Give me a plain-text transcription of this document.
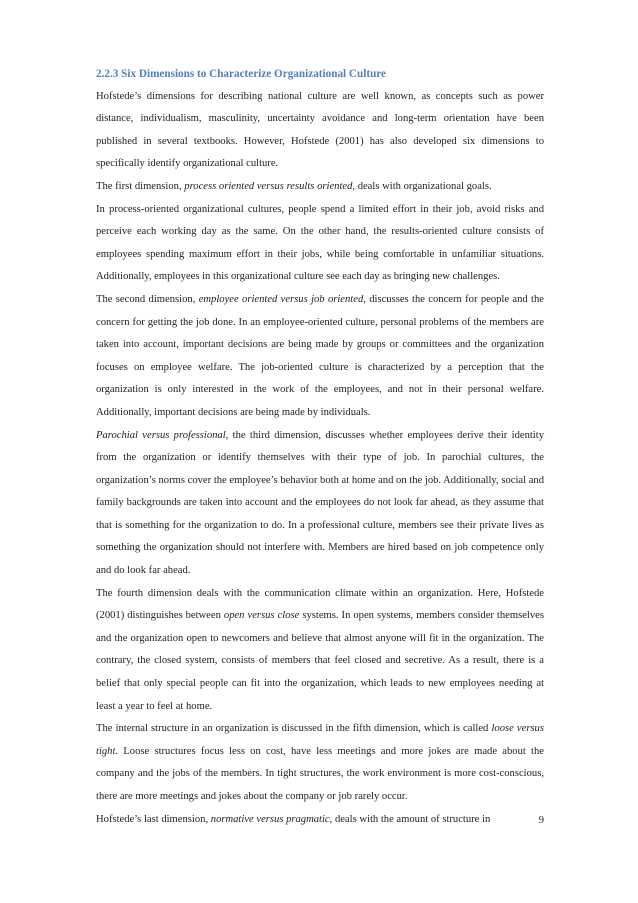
2.2.3 Six Dimensions to Characterize Organizational Culture

Hofstede’s dimensions for describing national culture are well known, as concepts such as power distance, individualism, masculinity, uncertainty avoidance and long-term orientation have been published in several textbooks. However, Hofstede (2001) has also developed six dimensions to specifically identify organizational culture.

The first dimension, process oriented versus results oriented, deals with organizational goals.

In process-oriented organizational cultures, people spend a limited effort in their job, avoid risks and perceive each working day as the same. On the other hand, the results-oriented culture consists of employees spending maximum effort in their jobs, while being comfortable in unfamiliar situations. Additionally, employees in this organizational culture see each day as bringing new challenges.

The second dimension, employee oriented versus job oriented, discusses the concern for people and the concern for getting the job done. In an employee-oriented culture, personal problems of the members are taken into account, important decisions are being made by groups or committees and the organization focuses on employee welfare. The job-oriented culture is characterized by a perception that the organization is only interested in the work of the employees, and not in their personal welfare. Additionally, important decisions are being made by individuals.

Parochial versus professional, the third dimension, discusses whether employees derive their identity from the organization or identify themselves with their type of job. In parochial cultures, the organization’s norms cover the employee’s behavior both at home and on the job. Additionally, social and family backgrounds are taken into account and the employees do not look far ahead, as they assume that that is something for the organization to do. In a professional culture, members see their private lives as something the organization should not interfere with. Members are hired based on job competence only and do look far ahead.

The fourth dimension deals with the communication climate within an organization. Here, Hofstede (2001) distinguishes between open versus close systems. In open systems, members consider themselves and the organization open to newcomers and believe that almost anyone will fit in the organization. The contrary, the closed system, consists of members that feel closed and secretive. As a result, there is a belief that only special people can fit into the organization, which leads to new employees needing at least a year to feel at home.

The internal structure in an organization is discussed in the fifth dimension, which is called loose versus tight. Loose structures focus less on cost, have less meetings and more jokes are made about the company and the jobs of the members. In tight structures, the work environment is more cost-conscious, there are more meetings and jokes about the company or job rarely occur.

Hofstede’s last dimension, normative versus pragmatic, deals with the amount of structure in	9
